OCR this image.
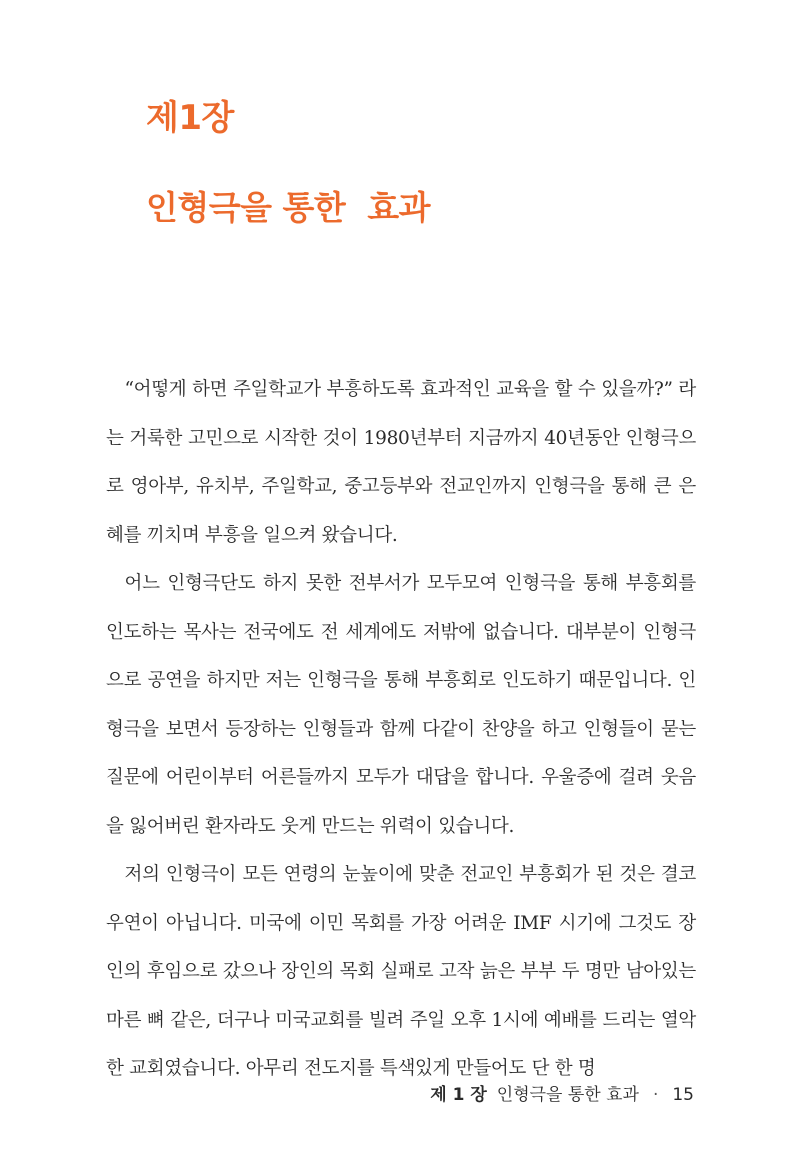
제1장
인형극을 통한  효과

“어떻게 하면 주일학교가 부흥하도록 효과적인 교육을 할 수 있을까?” 라는 거룩한 고민으로 시작한 것이 1980년부터 지금까지 40년동안 인형극으로 영아부, 유치부, 주일학교, 중고등부와 전교인까지 인형극을 통해 큰 은혜를 끼치며 부흥을 일으켜 왔습니다.

어느 인형극단도 하지 못한 전부서가 모두모여 인형극을 통해 부흥회를 인도하는 목사는 전국에도 전 세계에도 저밖에 없습니다. 대부분이 인형극으로 공연을 하지만 저는 인형극을 통해 부흥회로 인도하기 때문입니다. 인형극을 보면서 등장하는 인형들과 함께 다같이 찬양을 하고 인형들이 묻는 질문에 어린이부터 어른들까지 모두가 대답을 합니다. 우울증에 걸려 웃음을 잃어버린 환자라도 웃게 만드는 위력이 있습니다.

저의 인형극이 모든 연령의 눈높이에 맞춘 전교인 부흥회가 된 것은 결코 우연이 아닙니다. 미국에 이민 목회를 가장 어려운 IMF 시기에 그것도 장인의 후임으로 갔으나 장인의 목회 실패로 고작 늙은 부부 두 명만 남아있는 마른 뼈 같은, 더구나 미국교회를 빌려 주일 오후 1시에 예배를 드리는 열악한 교회였습니다. 아무리 전도지를 특색있게 만들어도 단 한 명

제 1 장 인형극을 통한 효과 · 15
